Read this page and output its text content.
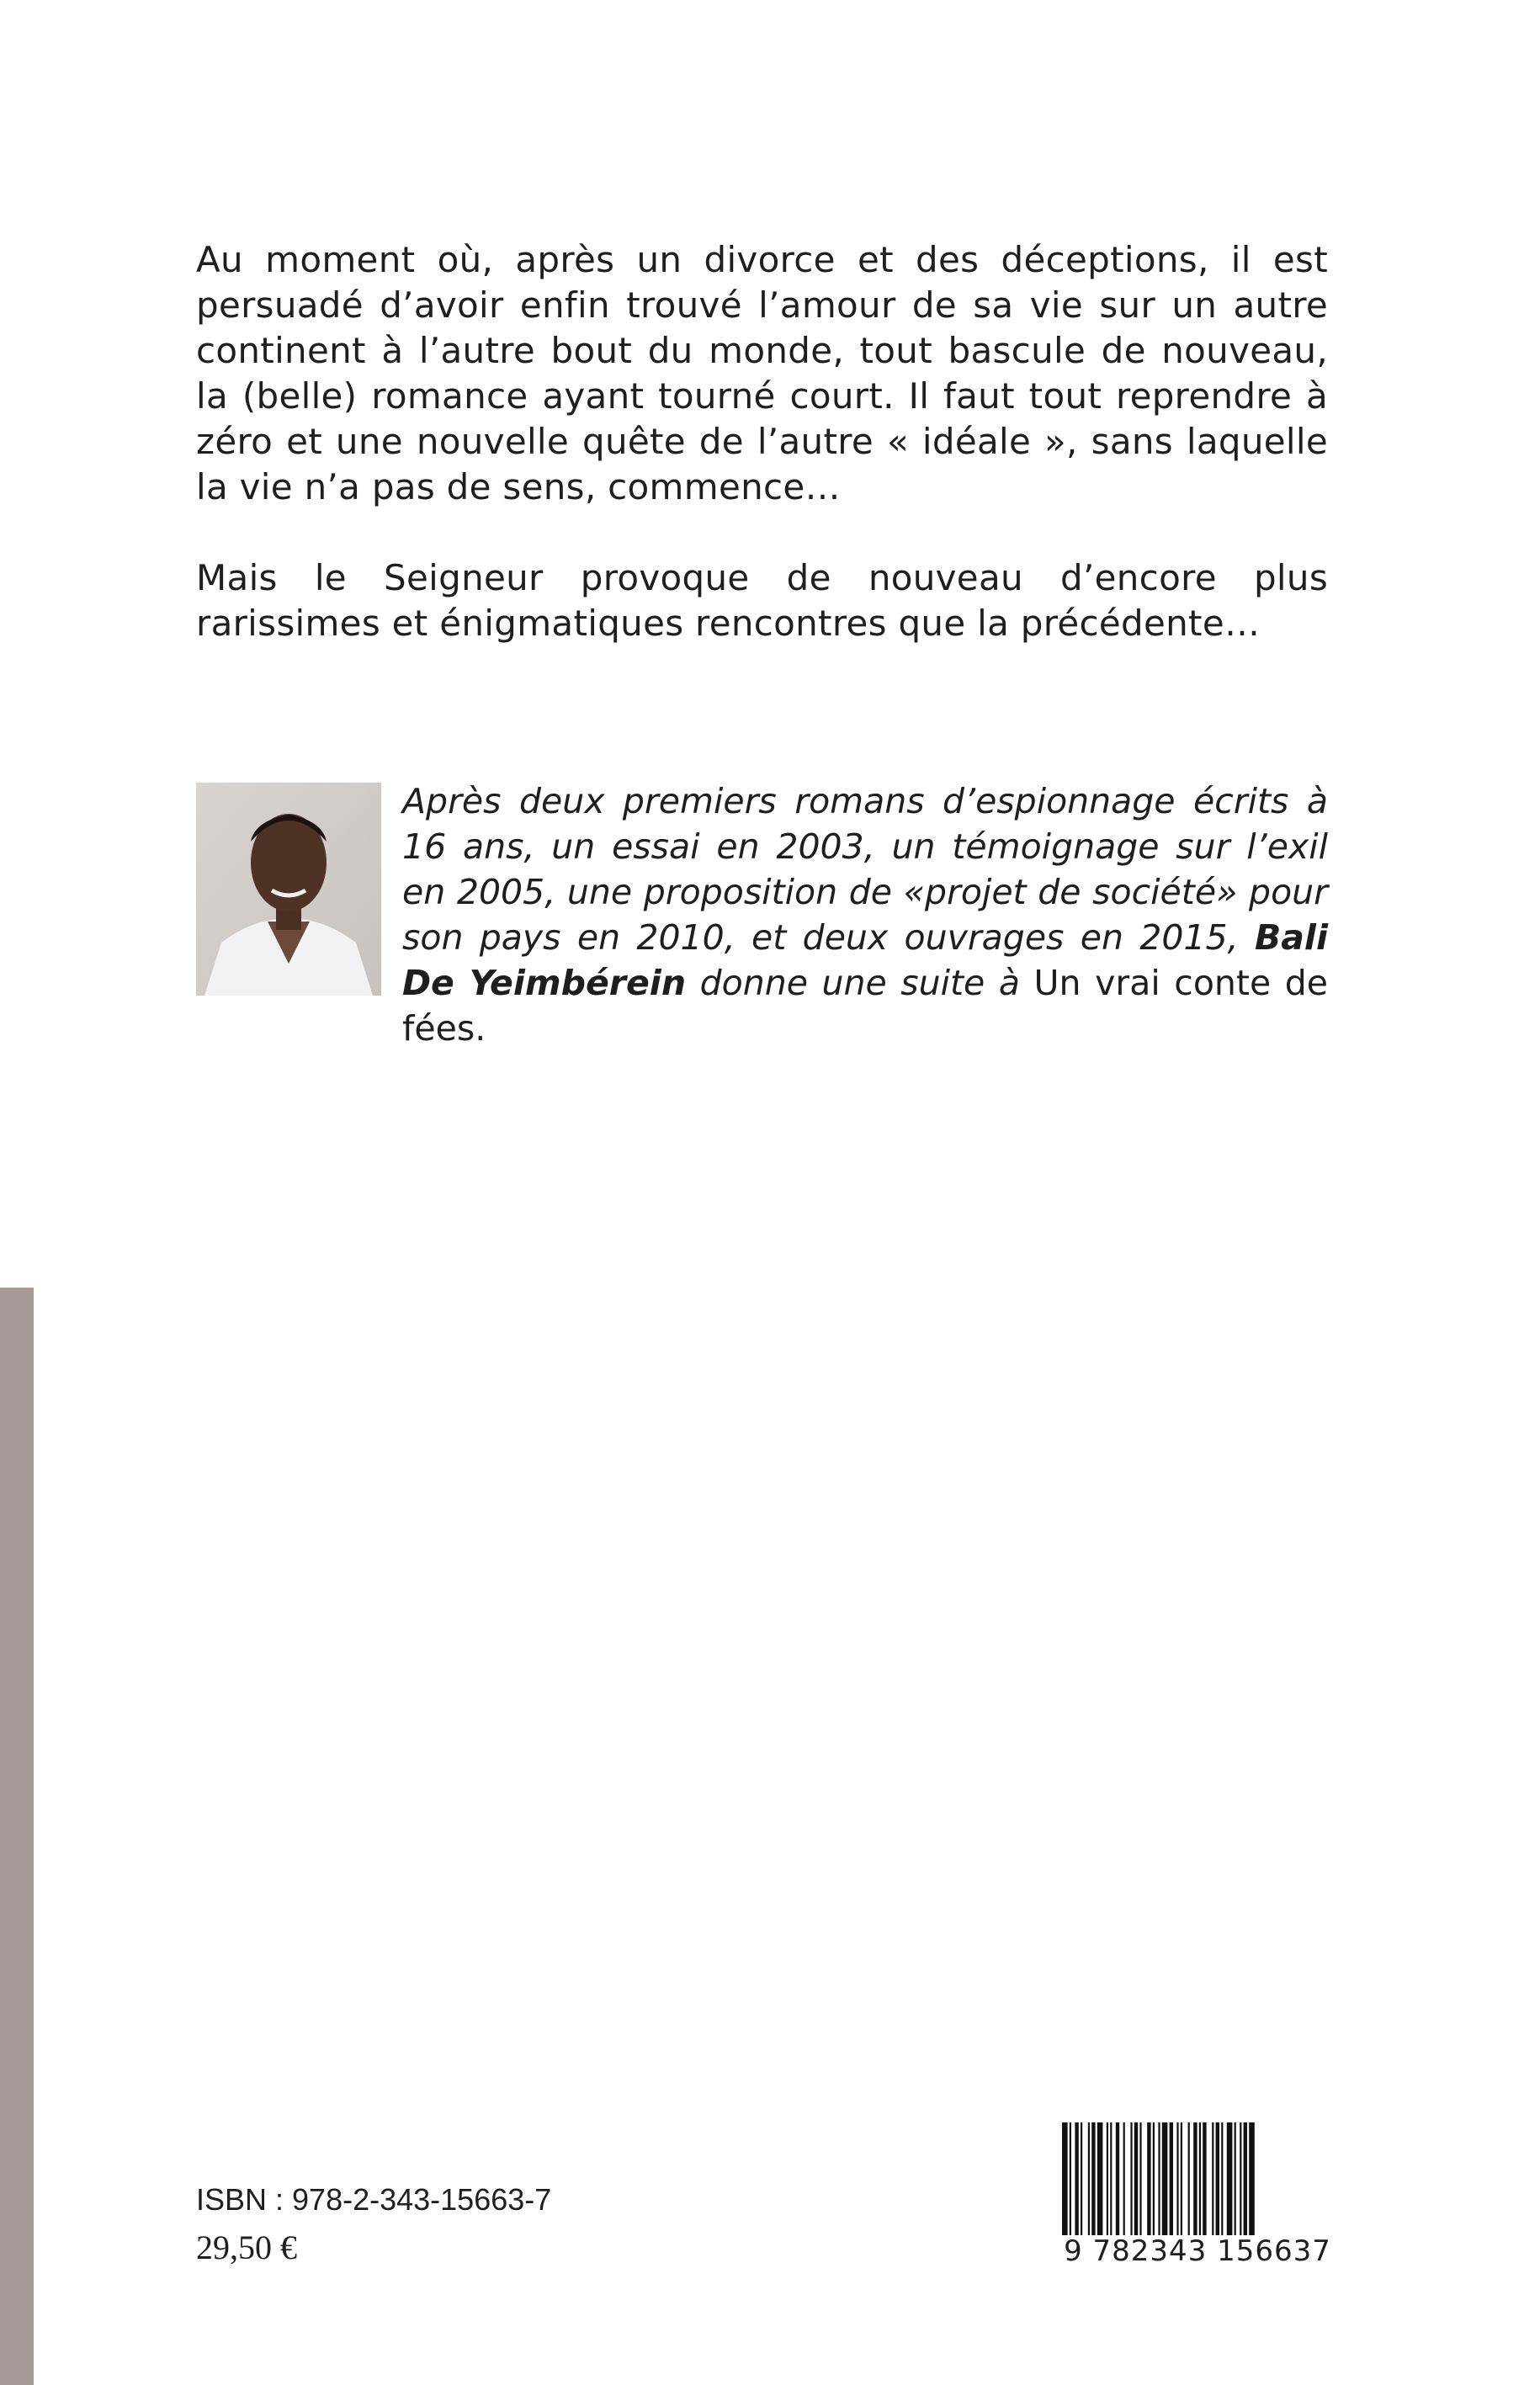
Au moment où, après un divorce et des déceptions, il est persuadé d’avoir enfin trouvé l’amour de sa vie sur un autre continent à l’autre bout du monde, tout bascule de nouveau, la (belle) romance ayant tourné court. Il faut tout reprendre à zéro et une nouvelle quête de l’autre « idéale », sans laquelle la vie n’a pas de sens, commence…

Mais le Seigneur provoque de nouveau d’encore plus rarissimes et énigmatiques rencontres que la précédente…

Après deux premiers romans d’espionnage écrits à 16 ans, un essai en 2003, un témoignage sur l’exil en 2005, une proposition de «projet de société» pour son pays en 2010, et deux ouvrages en 2015, Bali De Yeimbérein donne une suite à Un vrai conte de fées.

ISBN : 978-2-343-15663-7
29,50 €	9 782343 156637
